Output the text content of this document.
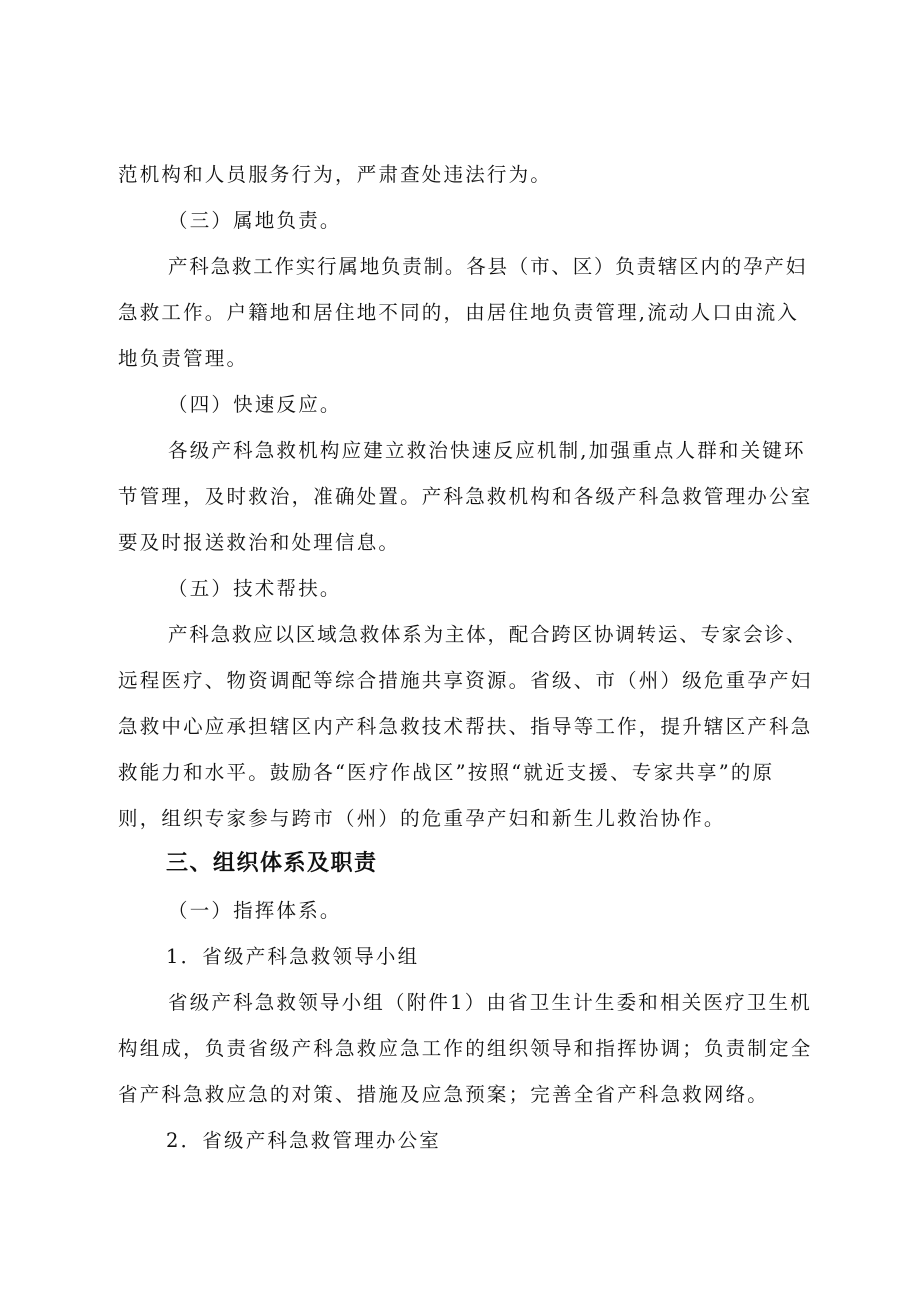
范机构和人员服务行为，严肃查处违法行为。

（三）属地负责。

产科急救工作实行属地负责制。各县（市、区）负责辖区内的孕产妇

急救工作。户籍地和居住地不同的，由居住地负责管理,流动人口由流入

地负责管理。

（四）快速反应。

各级产科急救机构应建立救治快速反应机制,加强重点人群和关键环

节管理，及时救治，准确处置。产科急救机构和各级产科急救管理办公室

要及时报送救治和处理信息。

（五）技术帮扶。

产科急救应以区域急救体系为主体，配合跨区协调转运、专家会诊、

远程医疗、物资调配等综合措施共享资源。省级、市（州）级危重孕产妇

急救中心应承担辖区内产科急救技术帮扶、指导等工作，提升辖区产科急

救能力和水平。鼓励各“医疗作战区”按照“就近支援、专家共享”的原

则，组织专家参与跨市（州）的危重孕产妇和新生儿救治协作。

三、组织体系及职责

（一）指挥体系。

1．省级产科急救领导小组

省级产科急救领导小组（附件1）由省卫生计生委和相关医疗卫生机

构组成，负责省级产科急救应急工作的组织领导和指挥协调；负责制定全

省产科急救应急的对策、措施及应急预案；完善全省产科急救网络。

2．省级产科急救管理办公室
